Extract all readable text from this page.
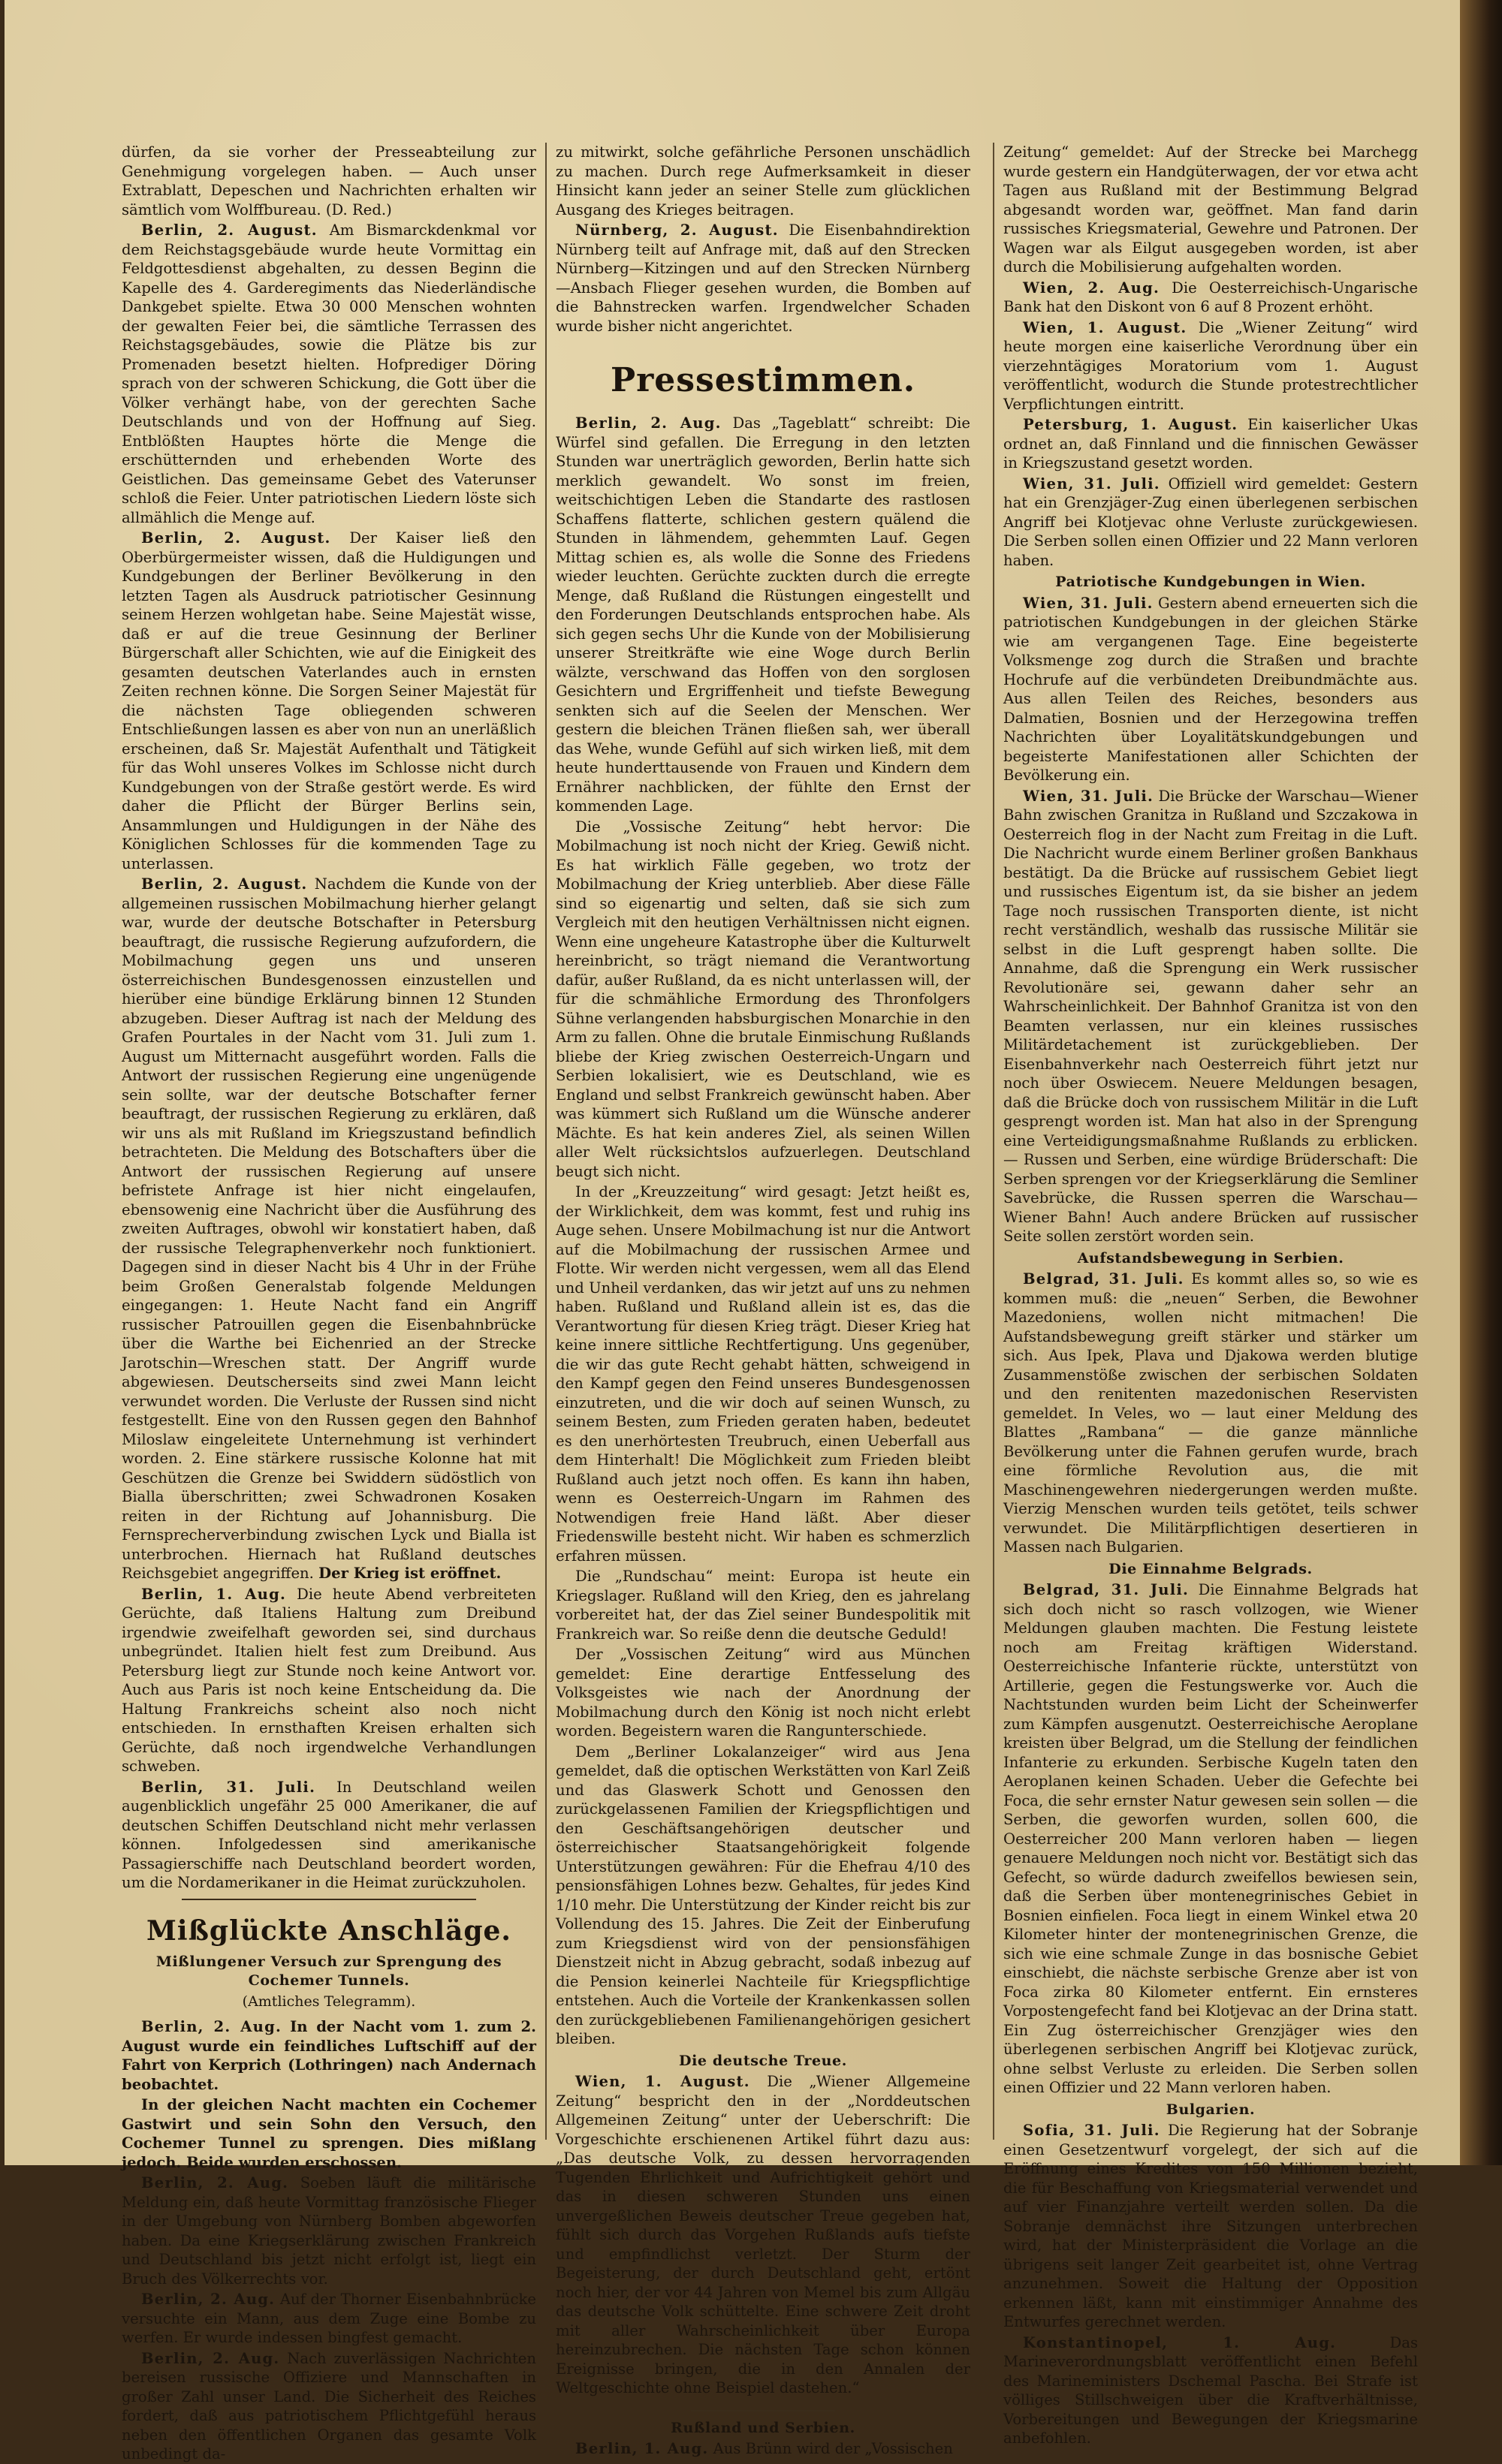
dürfen, da sie vorher der Presseabteilung zur Genehmigung vorgelegen haben. — Auch unser Extrablatt, Depeschen und Nachrichten erhalten wir sämtlich vom Wolffbureau. (D. Red.)

Berlin, 2. August. Am Bismarckdenkmal vor dem Reichstagsgebäude wurde heute Vormittag ein Feldgottesdienst abgehalten, zu dessen Beginn die Kapelle des 4. Garderegiments das Niederländische Dankgebet spielte. Etwa 30 000 Menschen wohnten der gewalten Feier bei, die sämtliche Terrassen des Reichstagsgebäudes, sowie die Plätze bis zur Promenaden besetzt hielten. Hofprediger Döring sprach von der schweren Schickung, die Gott über die Völker verhängt habe, von der gerechten Sache Deutschlands und von der Hoffnung auf Sieg. Entblößten Hauptes hörte die Menge die erschütternden und erhebenden Worte des Geistlichen. Das gemeinsame Gebet des Vaterunser schloß die Feier. Unter patriotischen Liedern löste sich allmählich die Menge auf.

Berlin, 2. August. Der Kaiser ließ den Oberbürgermeister wissen, daß die Huldigungen und Kundgebungen der Berliner Bevölkerung in den letzten Tagen als Ausdruck patriotischer Gesinnung seinem Herzen wohlgetan habe. Seine Majestät wisse, daß er auf die treue Gesinnung der Berliner Bürgerschaft aller Schichten, wie auf die Einigkeit des gesamten deutschen Vaterlandes auch in ernsten Zeiten rechnen könne. Die Sorgen Seiner Majestät für die nächsten Tage obliegenden schweren Entschließungen lassen es aber von nun an unerläßlich erscheinen, daß Sr. Majestät Aufenthalt und Tätigkeit für das Wohl unseres Volkes im Schlosse nicht durch Kundgebungen von der Straße gestört werde. Es wird daher die Pflicht der Bürger Berlins sein, Ansammlungen und Huldigungen in der Nähe des Königlichen Schlosses für die kommenden Tage zu unterlassen.

Berlin, 2. August. Nachdem die Kunde von der allgemeinen russischen Mobilmachung hierher gelangt war, wurde der deutsche Botschafter in Petersburg beauftragt, die russische Regierung aufzufordern, die Mobilmachung gegen uns und unseren österreichischen Bundesgenossen einzustellen und hierüber eine bündige Erklärung binnen 12 Stunden abzugeben. Dieser Auftrag ist nach der Meldung des Grafen Pourtales in der Nacht vom 31. Juli zum 1. August um Mitternacht ausgeführt worden. Falls die Antwort der russischen Regierung eine ungenügende sein sollte, war der deutsche Botschafter ferner beauftragt, der russischen Regierung zu erklären, daß wir uns als mit Rußland im Kriegszustand befindlich betrachteten. Die Meldung des Botschafters über die Antwort der russischen Regierung auf unsere befristete Anfrage ist hier nicht eingelaufen, ebensowenig eine Nachricht über die Ausführung des zweiten Auftrages, obwohl wir konstatiert haben, daß der russische Telegraphenverkehr noch funktioniert. Dagegen sind in dieser Nacht bis 4 Uhr in der Frühe beim Großen Generalstab folgende Meldungen eingegangen: 1. Heute Nacht fand ein Angriff russischer Patrouillen gegen die Eisenbahnbrücke über die Warthe bei Eichenried an der Strecke Jarotschin—Wreschen statt. Der Angriff wurde abgewiesen. Deutscherseits sind zwei Mann leicht verwundet worden. Die Verluste der Russen sind nicht festgestellt. Eine von den Russen gegen den Bahnhof Miloslaw eingeleitete Unternehmung ist verhindert worden. 2. Eine stärkere russische Kolonne hat mit Geschützen die Grenze bei Swiddern südöstlich von Bialla überschritten; zwei Schwadronen Kosaken reiten in der Richtung auf Johannisburg. Die Fernsprecherverbindung zwischen Lyck und Bialla ist unterbrochen. Hiernach hat Rußland deutsches Reichsgebiet angegriffen. Der Krieg ist eröffnet.

Berlin, 1. Aug. Die heute Abend verbreiteten Gerüchte, daß Italiens Haltung zum Dreibund irgendwie zweifelhaft geworden sei, sind durchaus unbegründet. Italien hielt fest zum Dreibund. Aus Petersburg liegt zur Stunde noch keine Antwort vor. Auch aus Paris ist noch keine Entscheidung da. Die Haltung Frankreichs scheint also noch nicht entschieden. In ernsthaften Kreisen erhalten sich Gerüchte, daß noch irgendwelche Verhandlungen schweben.

Berlin, 31. Juli. In Deutschland weilen augenblicklich ungefähr 25 000 Amerikaner, die auf deutschen Schiffen Deutschland nicht mehr verlassen können. Infolgedessen sind amerikanische Passagierschiffe nach Deutschland beordert worden, um die Nordamerikaner in die Heimat zurückzuholen.

Mißglückte Anschläge.
Mißlungener Versuch zur Sprengung des Cochemer Tunnels.
(Amtliches Telegramm).

Berlin, 2. Aug. In der Nacht vom 1. zum 2. August wurde ein feindliches Luftschiff auf der Fahrt von Kerprich (Lothringen) nach Andernach beobachtet.

In der gleichen Nacht machten ein Cochemer Gastwirt und sein Sohn den Versuch, den Cochemer Tunnel zu sprengen. Dies mißlang jedoch. Beide wurden erschossen.

Berlin, 2. Aug. Soeben läuft die militärische Meldung ein, daß heute Vormittag französische Flieger in der Umgebung von Nürnberg Bomben abgeworfen haben. Da eine Kriegserklärung zwischen Frankreich und Deutschland bis jetzt nicht erfolgt ist, liegt ein Bruch des Völkerrechts vor.

Berlin, 2. Aug. Auf der Thorner Eisenbahnbrücke versuchte ein Mann, aus dem Zuge eine Bombe zu werfen. Er wurde indessen bingfest gemacht.

Berlin, 2. Aug. Nach zuverlässigen Nachrichten bereisen russische Offiziere und Mannschaften in großer Zahl unser Land. Die Sicherheit des Reiches fordert, daß aus patriotischem Pflichtgefühl heraus neben den öffentlichen Organen das gesamte Volk unbedingt da-

zu mitwirkt, solche gefährliche Personen unschädlich zu machen. Durch rege Aufmerksamkeit in dieser Hinsicht kann jeder an seiner Stelle zum glücklichen Ausgang des Krieges beitragen.

Nürnberg, 2. August. Die Eisenbahndirektion Nürnberg teilt auf Anfrage mit, daß auf den Strecken Nürnberg—Kitzingen und auf den Strecken Nürnberg—Ansbach Flieger gesehen wurden, die Bomben auf die Bahnstrecken warfen. Irgendwelcher Schaden wurde bisher nicht angerichtet.

Pressestimmen.

Berlin, 2. Aug. Das „Tageblatt“ schreibt: Die Würfel sind gefallen. Die Erregung in den letzten Stunden war unerträglich geworden, Berlin hatte sich merklich gewandelt. Wo sonst im freien, weitschichtigen Leben die Standarte des rastlosen Schaffens flatterte, schlichen gestern quälend die Stunden in lähmendem, gehemmten Lauf. Gegen Mittag schien es, als wolle die Sonne des Friedens wieder leuchten. Gerüchte zuckten durch die erregte Menge, daß Rußland die Rüstungen eingestellt und den Forderungen Deutschlands entsprochen habe. Als sich gegen sechs Uhr die Kunde von der Mobilisierung unserer Streitkräfte wie eine Woge durch Berlin wälzte, verschwand das Hoffen von den sorglosen Gesichtern und Ergriffenheit und tiefste Bewegung senkten sich auf die Seelen der Menschen. Wer gestern die bleichen Tränen fließen sah, wer überall das Wehe, wunde Gefühl auf sich wirken ließ, mit dem heute hunderttausende von Frauen und Kindern dem Ernährer nachblicken, der fühlte den Ernst der kommenden Lage.

Die „Vossische Zeitung“ hebt hervor: Die Mobilmachung ist noch nicht der Krieg. Gewiß nicht. Es hat wirklich Fälle gegeben, wo trotz der Mobilmachung der Krieg unterblieb. Aber diese Fälle sind so eigenartig und selten, daß sie sich zum Vergleich mit den heutigen Verhältnissen nicht eignen. Wenn eine ungeheure Katastrophe über die Kulturwelt hereinbricht, so trägt niemand die Verantwortung dafür, außer Rußland, da es nicht unterlassen will, der für die schmähliche Ermordung des Thronfolgers Sühne verlangenden habsburgischen Monarchie in den Arm zu fallen. Ohne die brutale Einmischung Rußlands bliebe der Krieg zwischen Oesterreich-Ungarn und Serbien lokalisiert, wie es Deutschland, wie es England und selbst Frankreich gewünscht haben. Aber was kümmert sich Rußland um die Wünsche anderer Mächte. Es hat kein anderes Ziel, als seinen Willen aller Welt rücksichtslos aufzuerlegen. Deutschland beugt sich nicht.

In der „Kreuzzeitung“ wird gesagt: Jetzt heißt es, der Wirklichkeit, dem was kommt, fest und ruhig ins Auge sehen. Unsere Mobilmachung ist nur die Antwort auf die Mobilmachung der russischen Armee und Flotte. Wir werden nicht vergessen, wem all das Elend und Unheil verdanken, das wir jetzt auf uns zu nehmen haben. Rußland und Rußland allein ist es, das die Verantwortung für diesen Krieg trägt. Dieser Krieg hat keine innere sittliche Rechtfertigung. Uns gegenüber, die wir das gute Recht gehabt hätten, schweigend in den Kampf gegen den Feind unseres Bundesgenossen einzutreten, und die wir doch auf seinen Wunsch, zu seinem Besten, zum Frieden geraten haben, bedeutet es den unerhörtesten Treubruch, einen Ueberfall aus dem Hinterhalt! Die Möglichkeit zum Frieden bleibt Rußland auch jetzt noch offen. Es kann ihn haben, wenn es Oesterreich-Ungarn im Rahmen des Notwendigen freie Hand läßt. Aber dieser Friedenswille besteht nicht. Wir haben es schmerzlich erfahren müssen.

Die „Rundschau“ meint: Europa ist heute ein Kriegslager. Rußland will den Krieg, den es jahrelang vorbereitet hat, der das Ziel seiner Bundespolitik mit Frankreich war. So reiße denn die deutsche Geduld!

Der „Vossischen Zeitung“ wird aus München gemeldet: Eine derartige Entfesselung des Volksgeistes wie nach der Anordnung der Mobilmachung durch den König ist noch nicht erlebt worden. Begeistern waren die Rangunterschiede.

Dem „Berliner Lokalanzeiger“ wird aus Jena gemeldet, daß die optischen Werkstätten von Karl Zeiß und das Glaswerk Schott und Genossen den zurückgelassenen Familien der Kriegspflichtigen und den Geschäftsangehörigen deutscher und österreichischer Staatsangehörigkeit folgende Unterstützungen gewähren: Für die Ehefrau 4/10 des pensionsfähigen Lohnes bezw. Gehaltes, für jedes Kind 1/10 mehr. Die Unterstützung der Kinder reicht bis zur Vollendung des 15. Jahres. Die Zeit der Einberufung zum Kriegsdienst wird von der pensionsfähigen Dienstzeit nicht in Abzug gebracht, sodaß inbezug auf die Pension keinerlei Nachteile für Kriegspflichtige entstehen. Auch die Vorteile der Krankenkassen sollen den zurückgebliebenen Familienangehörigen gesichert bleiben.

Die deutsche Treue.

Wien, 1. August. Die „Wiener Allgemeine Zeitung“ bespricht den in der „Norddeutschen Allgemeinen Zeitung“ unter der Ueberschrift: Die Vorgeschichte erschienenen Artikel führt dazu aus: „Das deutsche Volk, zu dessen hervorragenden Tugenden Ehrlichkeit und Aufrichtigkeit gehört und das in diesen schweren Stunden uns einen unvergeßlichen Beweis deutscher Treue gegeben hat, fühlt sich durch das Vorgehen Rußlands aufs tiefste und empfindlichst verletzt. Der Sturm der Begeisterung, der durch Deutschland geht, ertönt noch hier, der vor 44 Jahren von Memel bis zum Allgäu das deutsche Volk schüttelte. Eine schwere Zeit droht mit aller Wahrscheinlichkeit über Europa hereinzubrechen. Die nächsten Tage schon können Ereignisse bringen, die in den Annalen der Weltgeschichte ohne Beispiel dastehen.“

Rußland und Serbien.

Berlin, 1. Aug. Aus Brünn wird der „Vossischen

Zeitung“ gemeldet: Auf der Strecke bei Marchegg wurde gestern ein Handgüterwagen, der vor etwa acht Tagen aus Rußland mit der Bestimmung Belgrad abgesandt worden war, geöffnet. Man fand darin russisches Kriegsmaterial, Gewehre und Patronen. Der Wagen war als Eilgut ausgegeben worden, ist aber durch die Mobilisierung aufgehalten worden.

Wien, 2. Aug. Die Oesterreichisch-Ungarische Bank hat den Diskont von 6 auf 8 Prozent erhöht.

Wien, 1. August. Die „Wiener Zeitung“ wird heute morgen eine kaiserliche Verordnung über ein vierzehntägiges Moratorium vom 1. August veröffentlicht, wodurch die Stunde protestrechtlicher Verpflichtungen eintritt.

Petersburg, 1. August. Ein kaiserlicher Ukas ordnet an, daß Finnland und die finnischen Gewässer in Kriegszustand gesetzt worden.

Wien, 31. Juli. Offiziell wird gemeldet: Gestern hat ein Grenzjäger-Zug einen überlegenen serbischen Angriff bei Klotjevac ohne Verluste zurückgewiesen. Die Serben sollen einen Offizier und 22 Mann verloren haben.

Patriotische Kundgebungen in Wien.

Wien, 31. Juli. Gestern abend erneuerten sich die patriotischen Kundgebungen in der gleichen Stärke wie am vergangenen Tage. Eine begeisterte Volksmenge zog durch die Straßen und brachte Hochrufe auf die verbündeten Dreibundmächte aus. Aus allen Teilen des Reiches, besonders aus Dalmatien, Bosnien und der Herzegowina treffen Nachrichten über Loyalitätskundgebungen und begeisterte Manifestationen aller Schichten der Bevölkerung ein.

Wien, 31. Juli. Die Brücke der Warschau—Wiener Bahn zwischen Granitza in Rußland und Szczakowa in Oesterreich flog in der Nacht zum Freitag in die Luft. Die Nachricht wurde einem Berliner großen Bankhaus bestätigt. Da die Brücke auf russischem Gebiet liegt und russisches Eigentum ist, da sie bisher an jedem Tage noch russischen Transporten diente, ist nicht recht verständlich, weshalb das russische Militär sie selbst in die Luft gesprengt haben sollte. Die Annahme, daß die Sprengung ein Werk russischer Revolutionäre sei, gewann daher sehr an Wahrscheinlichkeit. Der Bahnhof Granitza ist von den Beamten verlassen, nur ein kleines russisches Militärdetachement ist zurückgeblieben. Der Eisenbahnverkehr nach Oesterreich führt jetzt nur noch über Oswiecem. Neuere Meldungen besagen, daß die Brücke doch von russischem Militär in die Luft gesprengt worden ist. Man hat also in der Sprengung eine Verteidigungsmaßnahme Rußlands zu erblicken. — Russen und Serben, eine würdige Brüderschaft: Die Serben sprengen vor der Kriegserklärung die Semliner Savebrücke, die Russen sperren die Warschau—Wiener Bahn! Auch andere Brücken auf russischer Seite sollen zerstört worden sein.

Aufstandsbewegung in Serbien.

Belgrad, 31. Juli. Es kommt alles so, so wie es kommen muß: die „neuen“ Serben, die Bewohner Mazedoniens, wollen nicht mitmachen! Die Aufstandsbewegung greift stärker und stärker um sich. Aus Ipek, Plava und Djakowa werden blutige Zusammenstöße zwischen der serbischen Soldaten und den renitenten mazedonischen Reservisten gemeldet. In Veles, wo — laut einer Meldung des Blattes „Rambana“ — die ganze männliche Bevölkerung unter die Fahnen gerufen wurde, brach eine förmliche Revolution aus, die mit Maschinengewehren niedergerungen werden mußte. Vierzig Menschen wurden teils getötet, teils schwer verwundet. Die Militärpflichtigen desertieren in Massen nach Bulgarien.

Die Einnahme Belgrads.

Belgrad, 31. Juli. Die Einnahme Belgrads hat sich doch nicht so rasch vollzogen, wie Wiener Meldungen glauben machten. Die Festung leistete noch am Freitag kräftigen Widerstand. Oesterreichische Infanterie rückte, unterstützt von Artillerie, gegen die Festungswerke vor. Auch die Nachtstunden wurden beim Licht der Scheinwerfer zum Kämpfen ausgenutzt. Oesterreichische Aeroplane kreisten über Belgrad, um die Stellung der feindlichen Infanterie zu erkunden. Serbische Kugeln taten den Aeroplanen keinen Schaden. Ueber die Gefechte bei Foca, die sehr ernster Natur gewesen sein sollen — die Serben, die geworfen wurden, sollen 600, die Oesterreicher 200 Mann verloren haben — liegen genauere Meldungen noch nicht vor. Bestätigt sich das Gefecht, so würde dadurch zweifellos bewiesen sein, daß die Serben über montenegrinisches Gebiet in Bosnien einfielen. Foca liegt in einem Winkel etwa 20 Kilometer hinter der montenegrinischen Grenze, die sich wie eine schmale Zunge in das bosnische Gebiet einschiebt, die nächste serbische Grenze aber ist von Foca zirka 80 Kilometer entfernt. Ein ernsteres Vorpostengefecht fand bei Klotjevac an der Drina statt. Ein Zug österreichischer Grenzjäger wies den überlegenen serbischen Angriff bei Klotjevac zurück, ohne selbst Verluste zu erleiden. Die Serben sollen einen Offizier und 22 Mann verloren haben.

Bulgarien.

Sofia, 31. Juli. Die Regierung hat der Sobranje einen Gesetzentwurf vorgelegt, der sich auf die Eröffnung eines Kredites von 150 Millionen bezieht, die für Beschaffung von Kriegsmaterial verwendet und auf vier Finanzjahre verteilt werden sollen. Da die Sobranje demnächst ihre Sitzungen unterbrechen wird, hat der Ministerpräsident die Vorlage an die übrigens seit langer Zeit gearbeitet ist, ohne Vertrag anzunehmen. Soweit die Haltung der Opposition erkennen läßt, kann mit einstimmiger Annahme des Entwurfes gerechnet werden.

Konstantinopel, 1. Aug.	Das Marineverordnungsblatt veröffentlicht einen Befehl des Marineministers Dschemal Pascha. Bei Strafe ist völliges Stillschweigen über die Kraftverhältnisse, Vorbereitungen und Bewegungen der Kriegsmarine anbefohlen.
